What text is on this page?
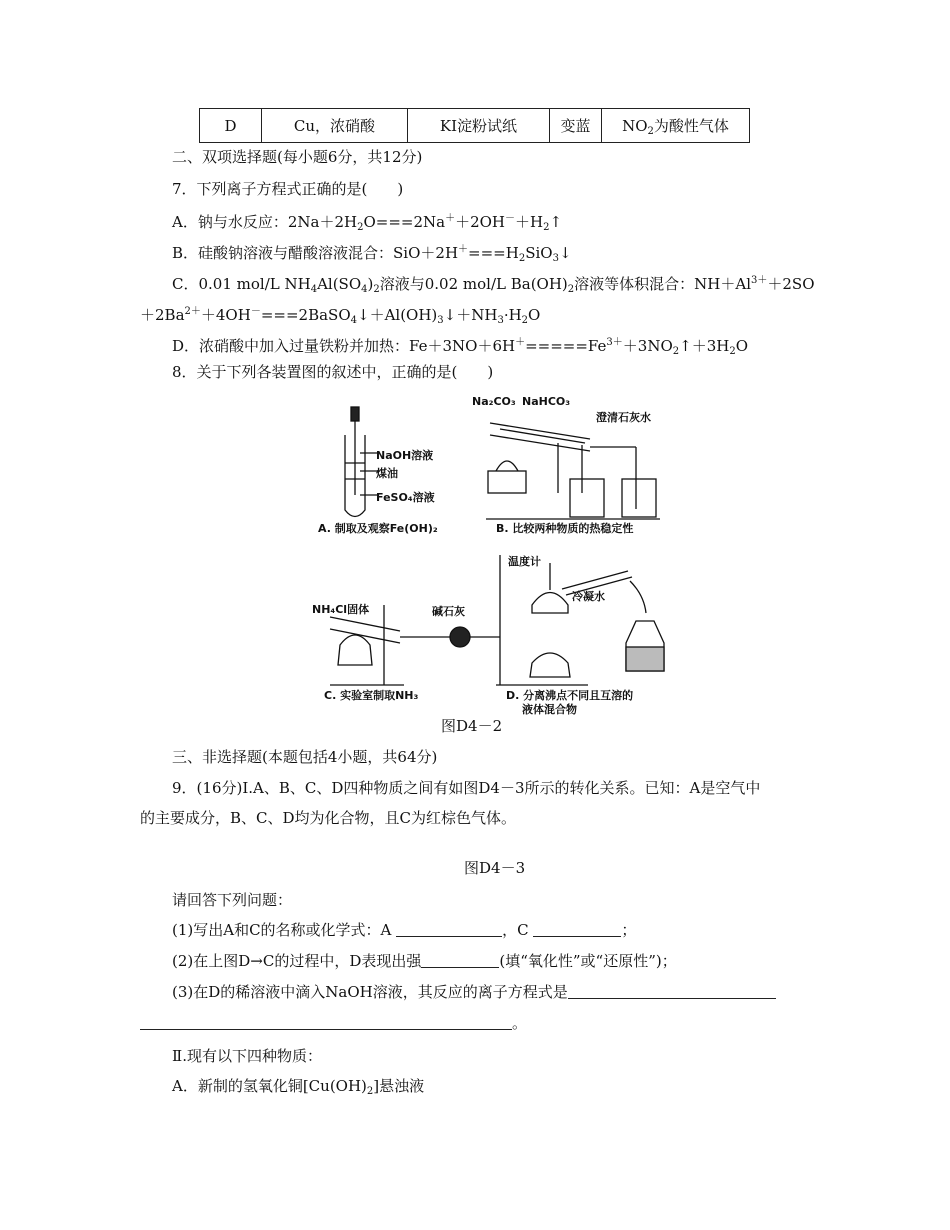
D	Cu，浓硝酸	KI淀粉试纸	变蓝	$NO_2$为酸性气体
二、双项选择题(每小题6分，共12分)
7．下列离子方程式正确的是(　　)
A．钠与水反应：$2Na+2H_2O===2Na^++2OH^-+H_2↑$
B．硅酸钠溶液与醋酸溶液混合：$SiO+2H^+===H_2SiO_3↓$
C．0.01 mol/L $NH_4Al(SO_4)_2$溶液与0.02 mol/L $Ba(OH)_2$溶液等体积混合：$NH+Al^{3+}+2SO$
$+2Ba^{2+}+4OH^-===2BaSO_4↓+Al(OH)_3↓+NH_3\cdot H_2O$
D．浓硝酸中加入过量铁粉并加热：$Fe+3NO+6H^+=====Fe^{3+}+3NO_2↑+3H_2O$
8．关于下列各装置图的叙述中，正确的是(　　)
NaOH溶液
煤油
FeSO₄溶液
A. 制取及观察Fe(OH)₂
Na₂CO₃ NaHCO₃
澄清石灰水
B. 比较两种物质的热稳定性
NH₄Cl固体	碱石灰
C. 实验室制取NH₃
温度计
冷凝水
D. 分离沸点不同且互溶的
液体混合物
图D4－2
三、非选择题(本题包括4小题，共64分)
9．(16分)Ⅰ.A、B、C、D四种物质之间有如图D4－3所示的转化关系。已知：A是空气中
的主要成分，B、C、D均为化合物，且C为红棕色气体。
图D4－3
请回答下列问题：
(1)写出A和C的名称或化学式：A	，C	；
(2)在上图D→C的过程中，D表现出强	(填“氧化性”或“还原性”)；
(3)在D的稀溶液中滴入NaOH溶液，其反应的离子方程式是
。
Ⅱ.现有以下四种物质：
A．新制的氢氧化铜$[Cu(OH)_2]$悬浊液
